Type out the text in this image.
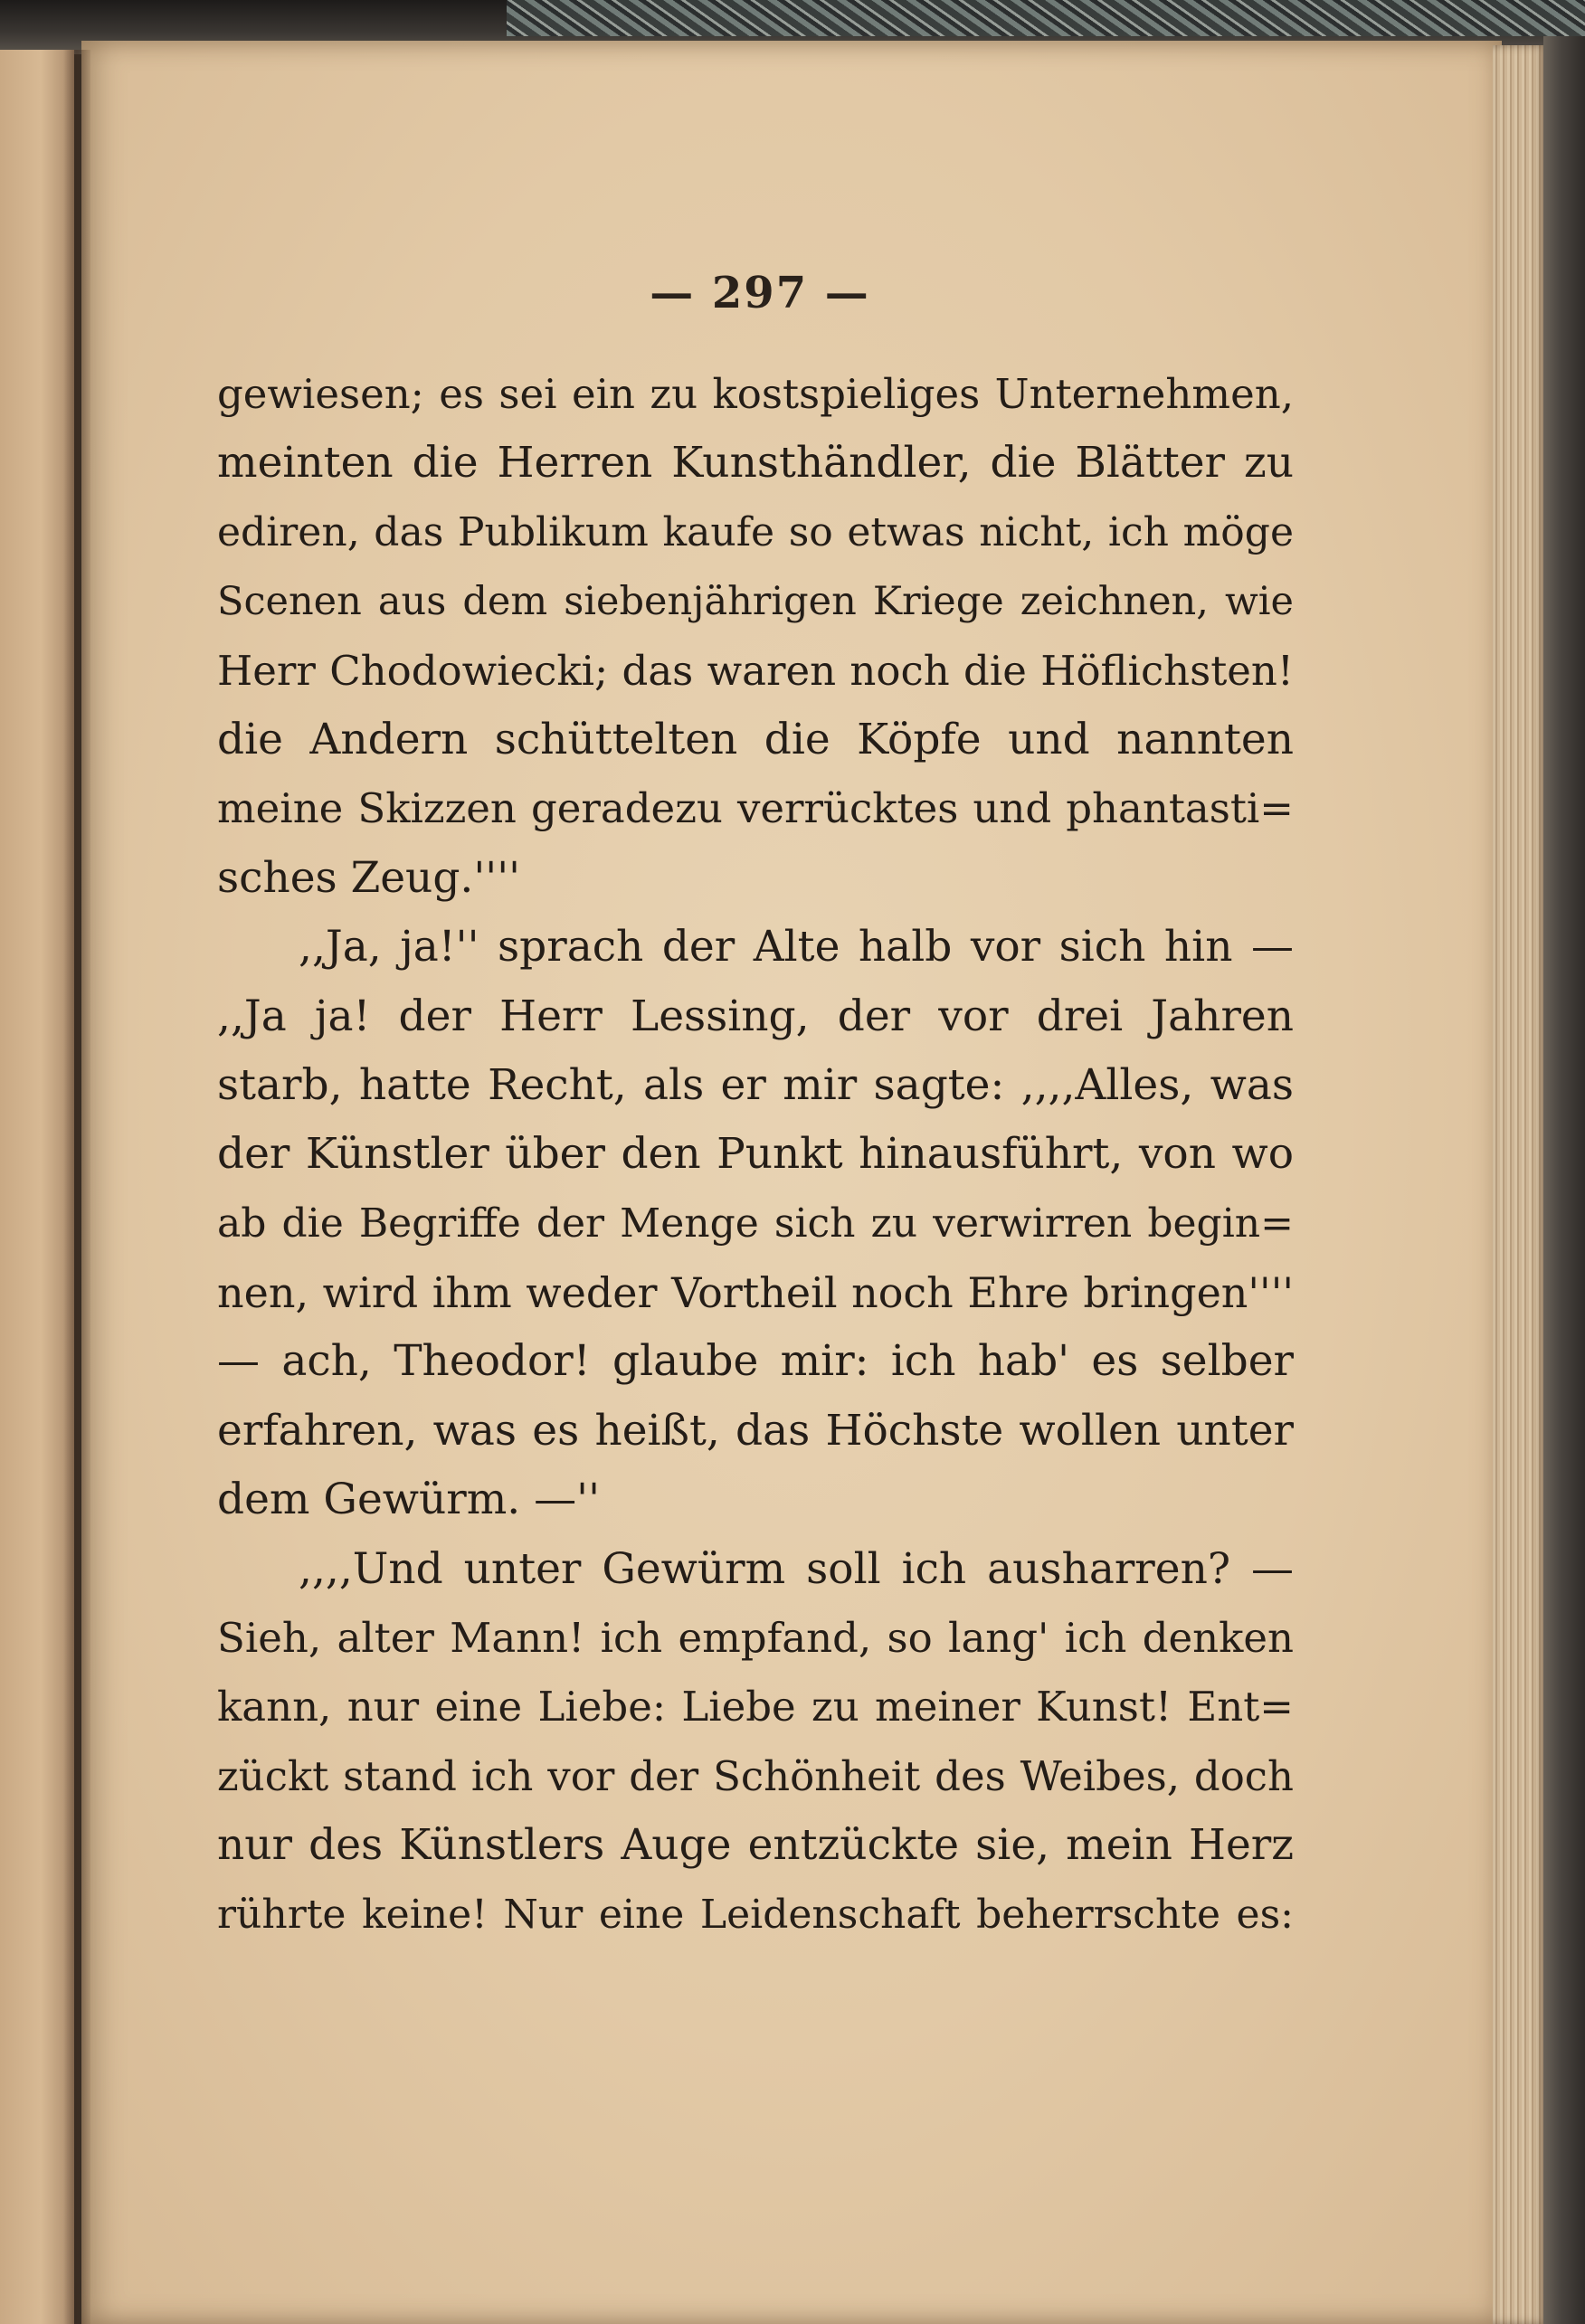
— 297 —
gewiesen; es sei ein zu kostspieliges Unternehmen,
meinten die Herren Kunsthändler, die Blätter zu
ediren, das Publikum kaufe so etwas nicht, ich möge
Scenen aus dem siebenjährigen Kriege zeichnen, wie
Herr Chodowiecki; das waren noch die Höflichsten!
die Andern schüttelten die Köpfe und nannten
meine Skizzen geradezu verrücktes und phantasti=
sches Zeug.''''
,,Ja, ja!'' sprach der Alte halb vor sich hin —
,,Ja ja! der Herr Lessing, der vor drei Jahren
starb, hatte Recht, als er mir sagte: ,,,,Alles, was
der Künstler über den Punkt hinausführt, von wo
ab die Begriffe der Menge sich zu verwirren begin=
nen, wird ihm weder Vortheil noch Ehre bringen''''
— ach, Theodor! glaube mir: ich hab' es selber
erfahren, was es heißt, das Höchste wollen unter
dem Gewürm. —''
,,,,Und unter Gewürm soll ich ausharren? —
Sieh, alter Mann! ich empfand, so lang' ich denken
kann, nur eine Liebe: Liebe zu meiner Kunst! Ent=
zückt stand ich vor der Schönheit des Weibes, doch
nur des Künstlers Auge entzückte sie, mein Herz
rührte keine! Nur eine Leidenschaft beherrschte es:
